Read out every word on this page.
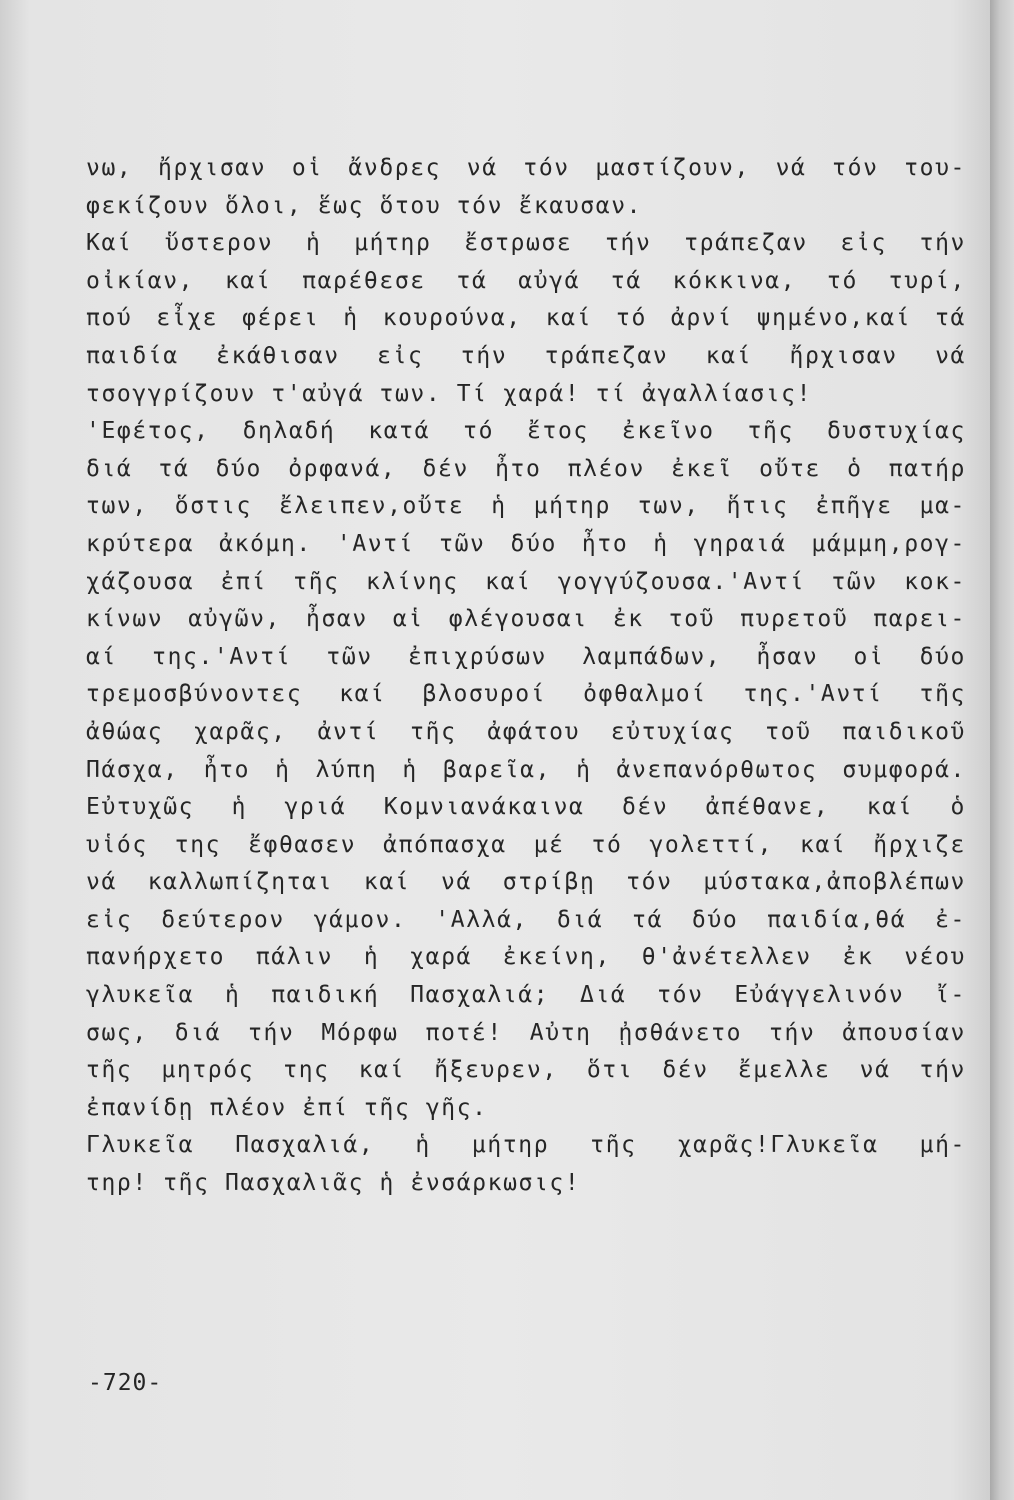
νω, ἤρχισαν οἱ ἄνδρες νά τόν μαστίζουν, νά τόν του-
φεκίζουν ὅλοι, ἕως ὅτου τόν ἔκαυσαν.
Καί ὕστερον ἡ μήτηρ ἔστρωσε τήν τράπεζαν εἰς τήν
οἰκίαν, καί παρέθεσε τά αὐγά τά κόκκινα, τό τυρί,
πού εἶχε φέρει ἡ κουρούνα, καί τό ἀρνί ψημένο,καί τά
παιδία ἐκάθισαν εἰς τήν τράπεζαν καί ἤρχισαν νά
τσογγρίζουν τ'αὐγά των. Τί χαρά! τί ἀγαλλίασις!
'Εφέτος, δηλαδή κατά τό ἔτος ἐκεῖνο τῆς δυστυχίας
διά τά δύο ὀρφανά, δέν ἦτο πλέον ἐκεῖ οὔτε ὁ πατήρ
των, ὅστις ἔλειπεν,οὔτε ἡ μήτηρ των, ἥτις ἐπῆγε μα-
κρύτερα ἀκόμη. 'Αντί τῶν δύο ἦτο ἡ γηραιά μάμμη,ρογ-
χάζουσα ἐπί τῆς κλίνης καί γογγύζουσα.'Αντί τῶν κοκ-
κίνων αὐγῶν, ἦσαν αἱ φλέγουσαι ἐκ τοῦ πυρετοῦ παρει-
αί της.'Αντί τῶν ἐπιχρύσων λαμπάδων, ἦσαν οἱ δύο
τρεμοσβύνοντες καί βλοσυροί ὀφθαλμοί της.'Αντί τῆς
ἀθώας χαρᾶς, ἀντί τῆς ἀφάτου εὐτυχίας τοῦ παιδικοῦ
Πάσχα, ἦτο ἡ λύπη ἡ βαρεῖα, ἡ ἀνεπανόρθωτος συμφορά.
Εὐτυχῶς ἡ γριά Κομνιανάκαινα δέν ἀπέθανε, καί ὁ
υἱός της ἔφθασεν ἀπόπασχα μέ τό γολεττί, καί ἤρχιζε
νά καλλωπίζηται καί νά στρίβῃ τόν μύστακα,ἀποβλέπων
εἰς δεύτερον γάμον. 'Αλλά, διά τά δύο παιδία,θά ἐ-
πανήρχετο πάλιν ἡ χαρά ἐκείνη, θ'ἀνέτελλεν ἐκ νέου
γλυκεῖα ἡ παιδική Πασχαλιά; Διά τόν Εὐάγγελινόν ἴ-
σως, διά τήν Μόρφω ποτέ! Αὐτη ᾐσθάνετο τήν ἀπουσίαν
τῆς μητρός της καί ἤξευρεν, ὅτι δέν ἔμελλε νά τήν
ἐπανίδῃ πλέον ἐπί τῆς γῆς.
Γλυκεῖα Πασχαλιά, ἡ μήτηρ τῆς χαρᾶς!Γλυκεῖα μή-
τηρ! τῆς Πασχαλιᾶς ἡ ἐνσάρκωσις!
-720-
